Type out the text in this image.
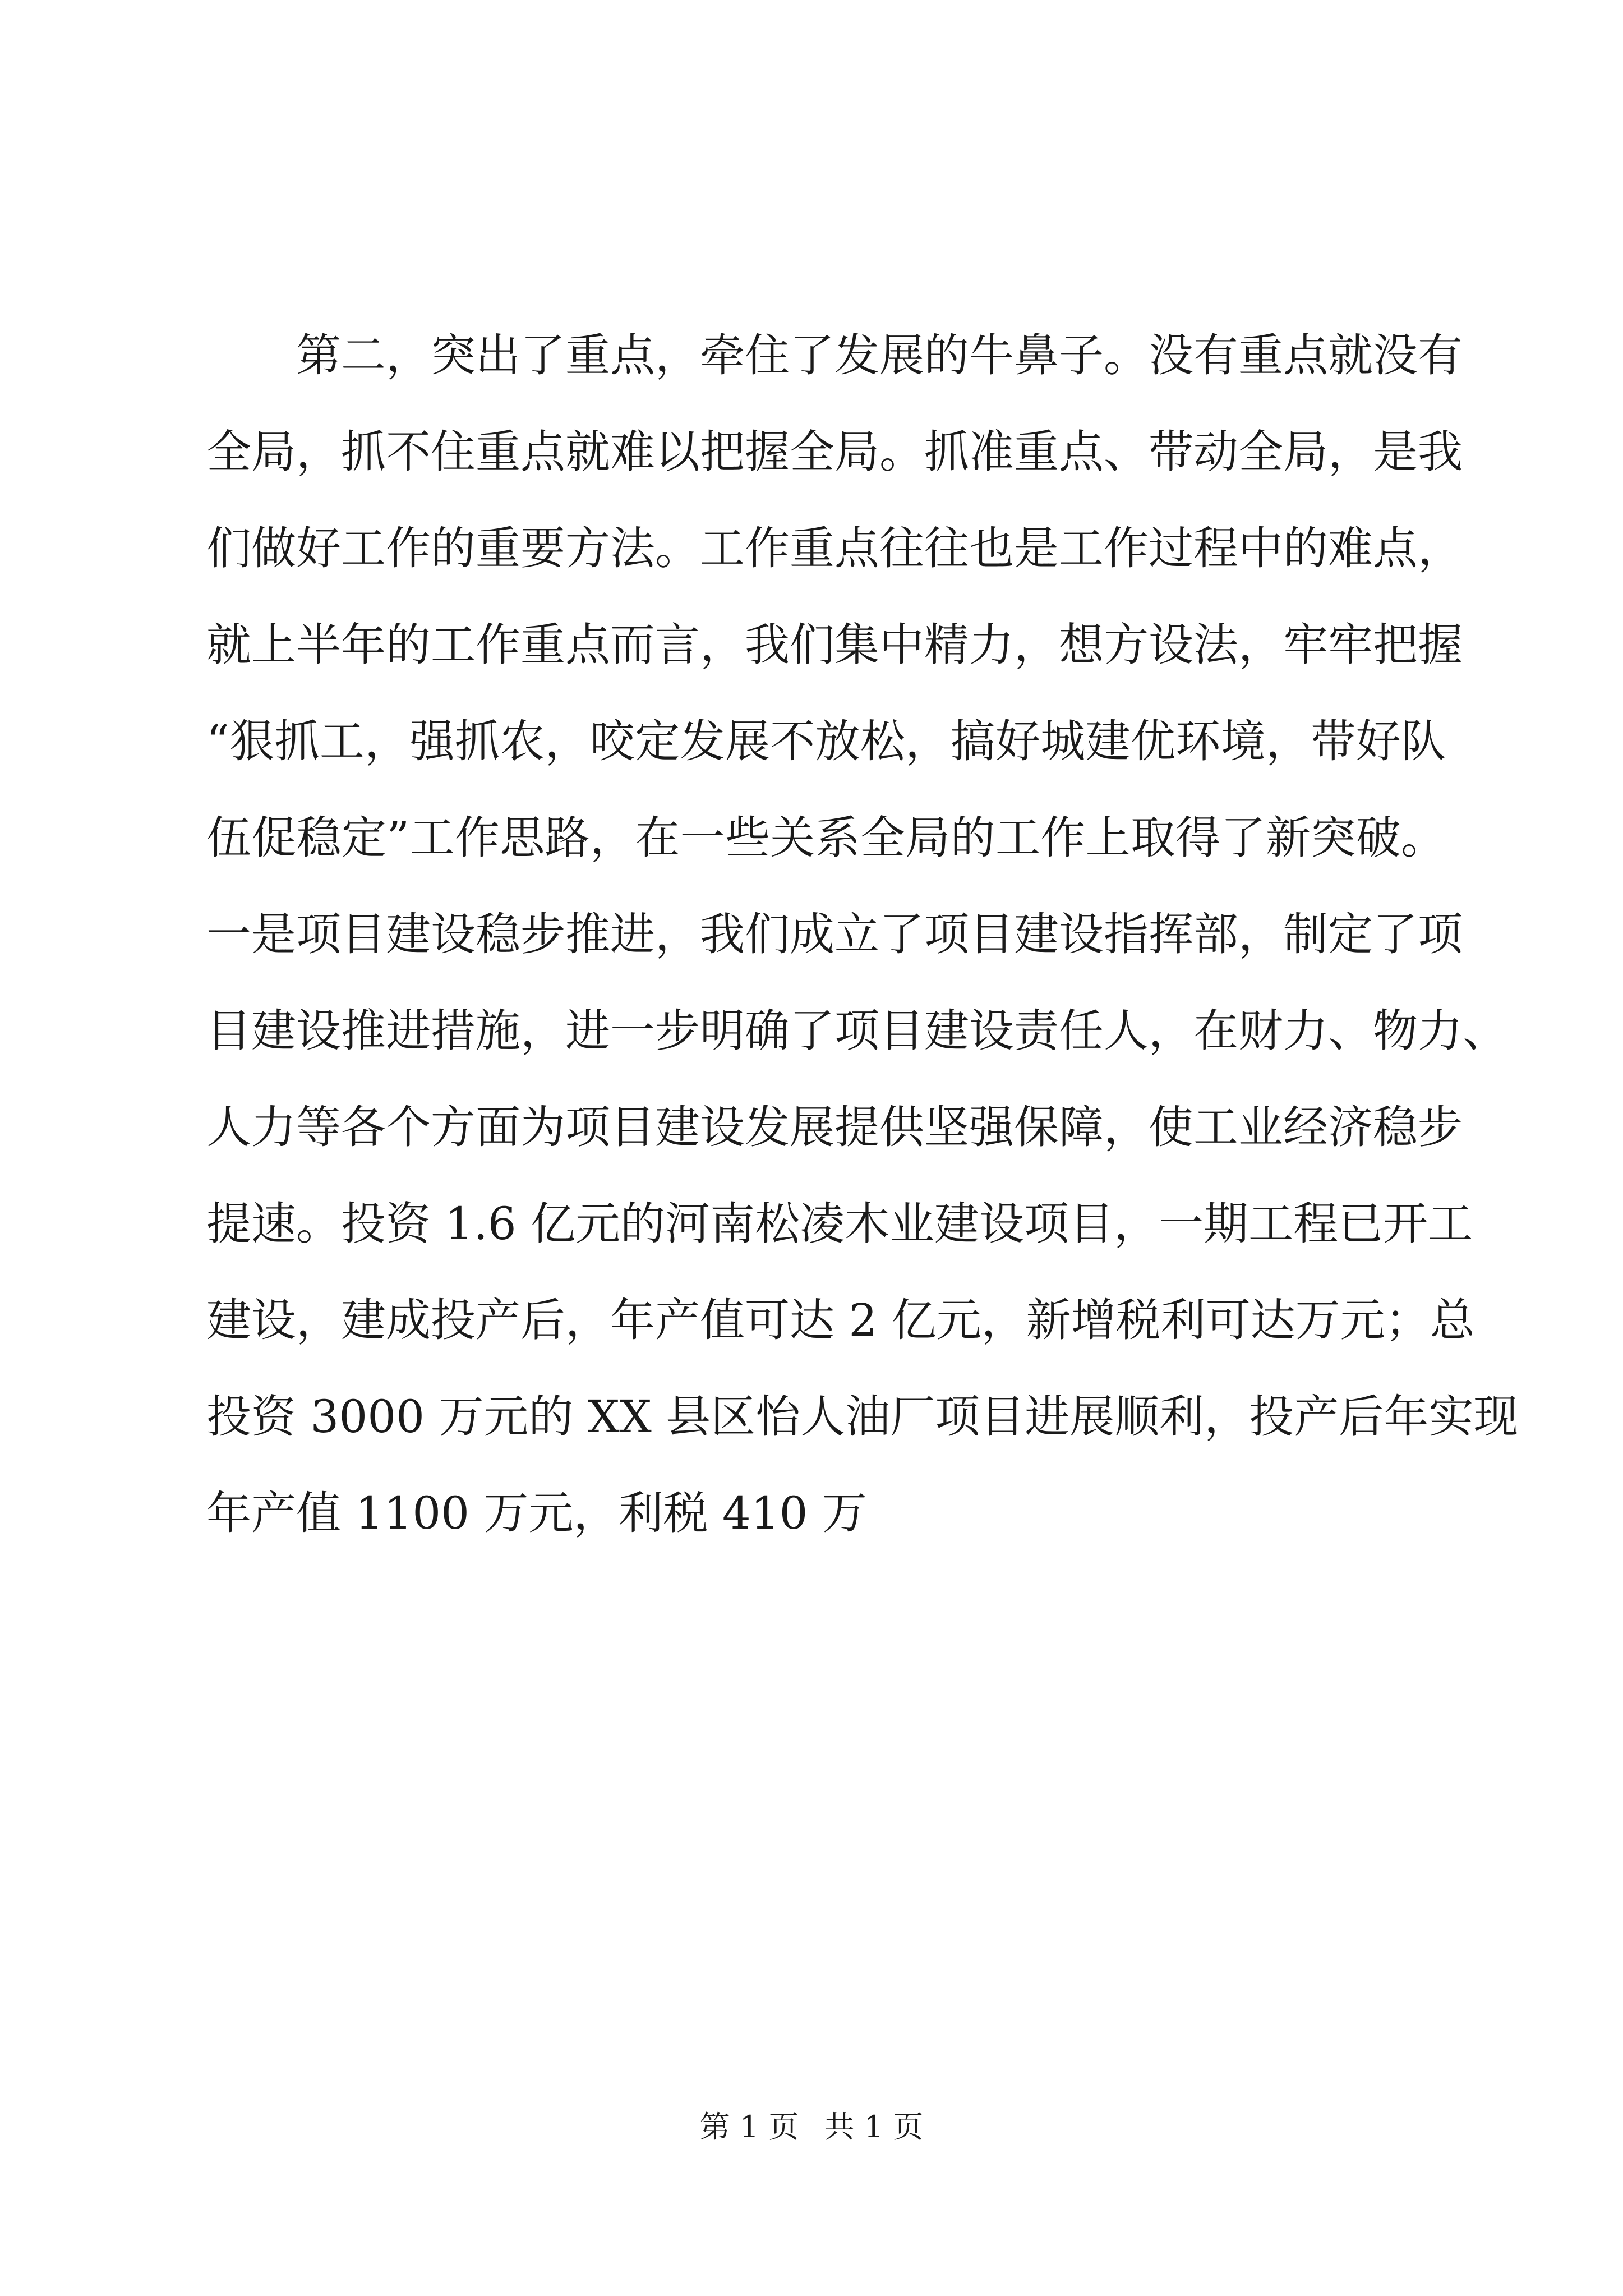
第二，突出了重点，牵住了发展的牛鼻子。没有重点就没有
全局，抓不住重点就难以把握全局。抓准重点、带动全局，是我
们做好工作的重要方法。工作重点往往也是工作过程中的难点，
就上半年的工作重点而言，我们集中精力，想方设法，牢牢把握
“狠抓工，强抓农，咬定发展不放松，搞好城建优环境，带好队
伍促稳定”工作思路，在一些关系全局的工作上取得了新突破。
一是项目建设稳步推进，我们成立了项目建设指挥部，制定了项
目建设推进措施，进一步明确了项目建设责任人，在财力、物力、
人力等各个方面为项目建设发展提供坚强保障，使工业经济稳步
提速。投资 1.6 亿元的河南松凌木业建设项目，一期工程已开工
建设，建成投产后，年产值可达 2 亿元，新增税利可达万元；总
投资 3000 万元的 XX 县区怡人油厂项目进展顺利，投产后年实现
年产值 1100 万元，利税 410 万
第 1 页 共 1 页
